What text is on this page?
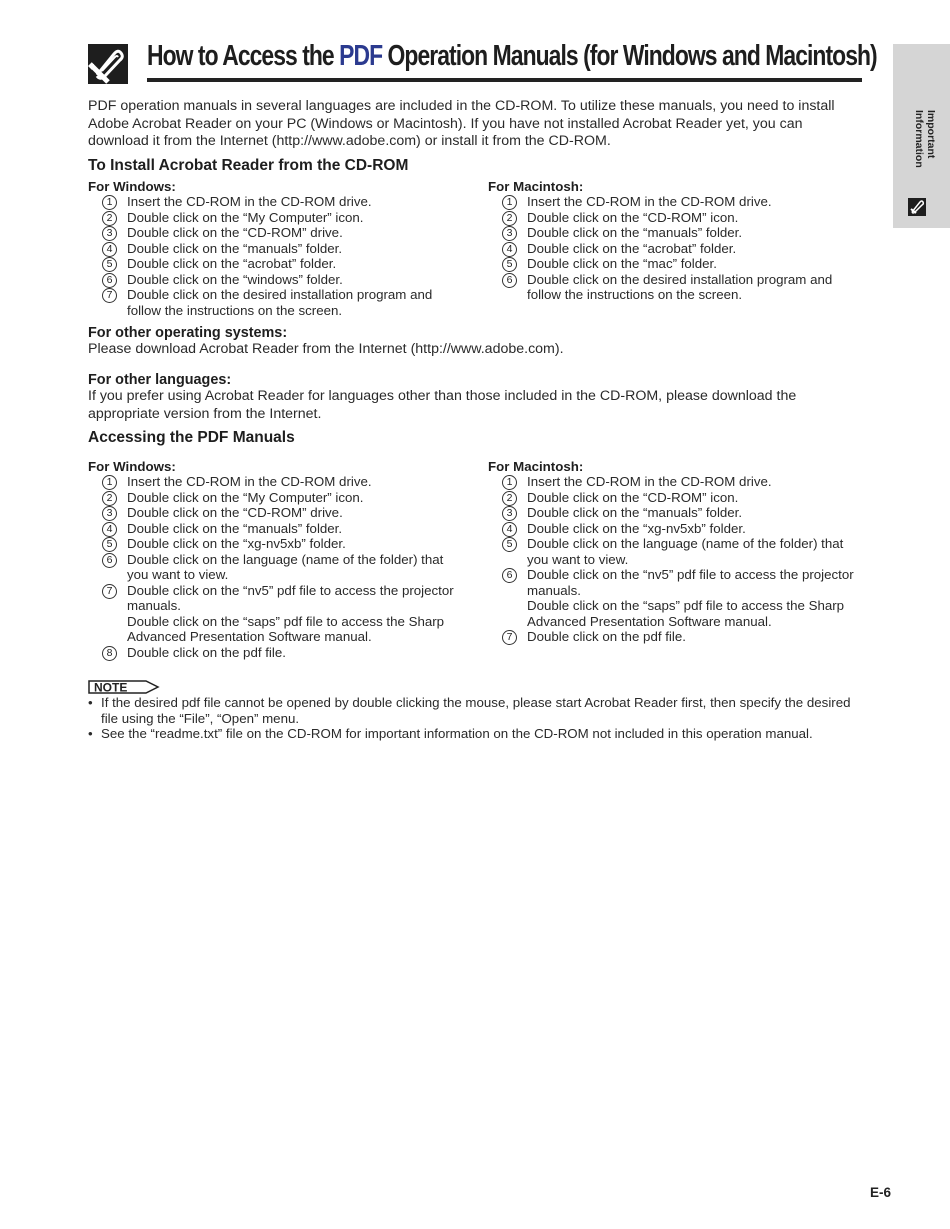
Important
Information
How to Access the PDF Operation Manuals (for Windows and Macintosh)
PDF operation manuals in several languages are included in the CD-ROM. To utilize these manuals, you need to install Adobe Acrobat Reader on your PC (Windows or Macintosh). If you have not installed Acrobat Reader yet, you can download it from the Internet (http://www.adobe.com) or install it from the CD-ROM.
To Install Acrobat Reader from the CD-ROM
For Windows:
1	Insert the CD-ROM in the CD-ROM drive.
2	Double click on the “My Computer” icon.
3	Double click on the “CD-ROM” drive.
4	Double click on the “manuals” folder.
5	Double click on the “acrobat” folder.
6	Double click on the “windows” folder.
7	Double click on the desired installation program and follow the instructions on the screen.
For Macintosh:
1	Insert the CD-ROM in the CD-ROM drive.
2	Double click on the “CD-ROM” icon.
3	Double click on the “manuals” folder.
4	Double click on the “acrobat” folder.
5	Double click on the “mac” folder.
6	Double click on the desired installation program and follow the instructions on the screen.
For other operating systems:
Please download Acrobat Reader from the Internet (http://www.adobe.com).
For other languages:
If you prefer using Acrobat Reader for languages other than those included in the CD-ROM, please download the appropriate version from the Internet.
Accessing the PDF Manuals
For Windows:
1	Insert the CD-ROM in the CD-ROM drive.
2	Double click on the “My Computer” icon.
3	Double click on the “CD-ROM” drive.
4	Double click on the “manuals” folder.
5	Double click on the “xg-nv5xb” folder.
6	Double click on the language (name of the folder) that you want to view.
7	Double click on the “nv5” pdf file to access the projector manuals.
Double click on the “saps” pdf file to access the Sharp Advanced Presentation Software manual.
8	Double click on the pdf file.
For Macintosh:
1	Insert the CD-ROM in the CD-ROM drive.
2	Double click on the “CD-ROM” icon.
3	Double click on the “manuals” folder.
4	Double click on the “xg-nv5xb” folder.
5	Double click on the language (name of the folder) that you want to view.
6	Double click on the “nv5” pdf file to access the projector manuals.
Double click on the “saps” pdf file to access the Sharp Advanced Presentation Software manual.
7	Double click on the pdf file.
NOTE
• If the desired pdf file cannot be opened by double clicking the mouse, please start Acrobat Reader first, then specify the desired file using the “File”, “Open” menu.
• See the “readme.txt” file on the CD-ROM for important information on the CD-ROM not included in this operation manual.
E-6
